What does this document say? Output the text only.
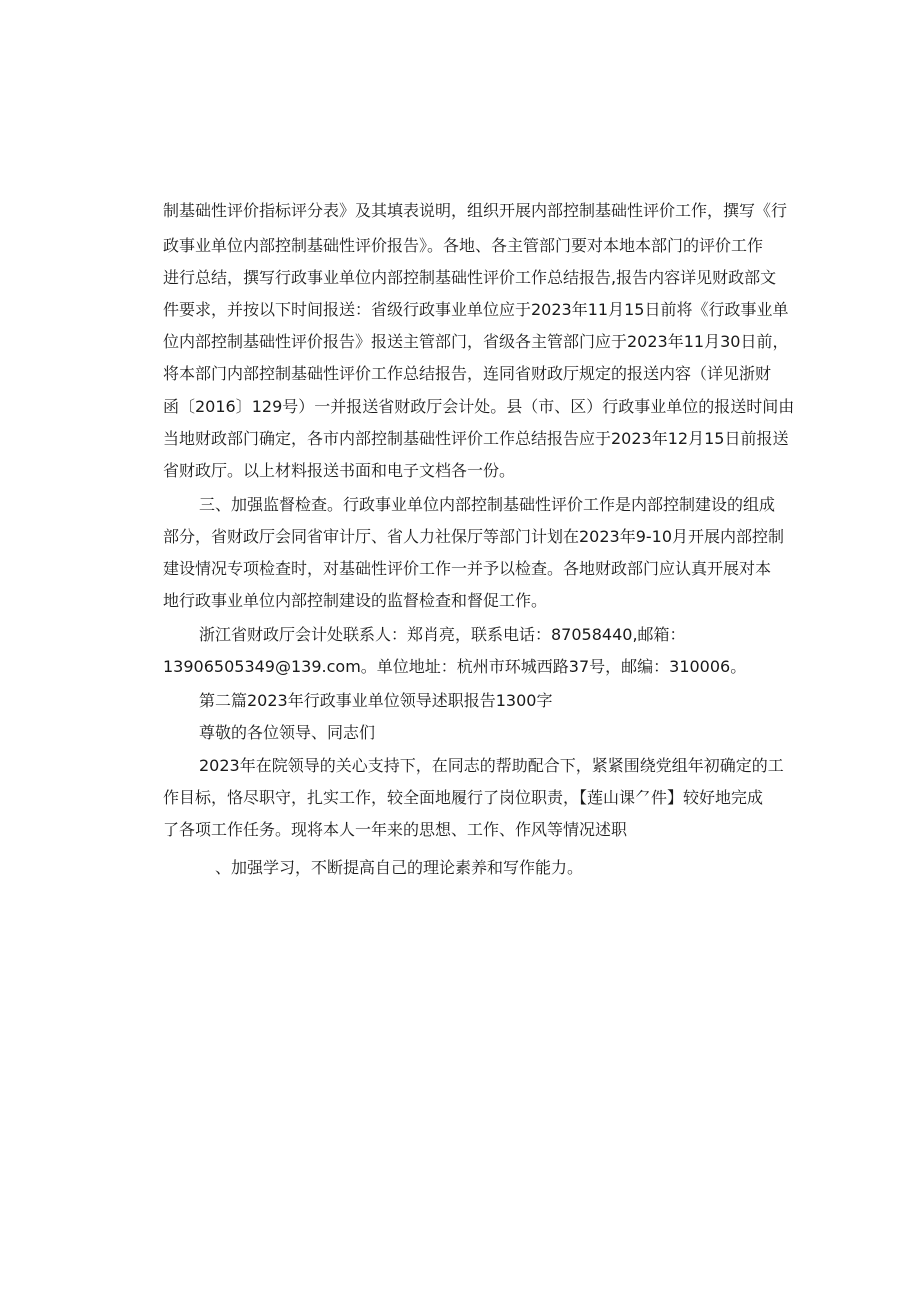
制基础性评价指标评分表》及其填表说明，组织开展内部控制基础性评价工作，撰写《行
政事业单位内部控制基础性评价报告》。各地、各主管部门要对本地本部门的评价工作
进行总结，撰写行政事业单位内部控制基础性评价工作总结报告,报告内容详见财政部文
件要求，并按以下时间报送：省级行政事业单位应于2023年11月15日前将《行政事业单
位内部控制基础性评价报告》报送主管部门，省级各主管部门应于2023年11月30日前，
将本部门内部控制基础性评价工作总结报告，连同省财政厅规定的报送内容（详见浙财
函〔2016〕129号）一并报送省财政厅会计处。县（市、区）行政事业单位的报送时间由
当地财政部门确定，各市内部控制基础性评价工作总结报告应于2023年12月15日前报送
省财政厅。以上材料报送书面和电子文档各一份。
三、加强监督检查。行政事业单位内部控制基础性评价工作是内部控制建设的组成
部分，省财政厅会同省审计厅、省人力社保厅等部门计划在2023年9-10月开展内部控制
建设情况专项检查时，对基础性评价工作一并予以检查。各地财政部门应认真开展对本
地行政事业单位内部控制建设的监督检查和督促工作。
浙江省财政厅会计处联系人：郑肖亮，联系电话：87058440,邮箱：
13906505349@139.com。单位地址：杭州市环城西路37号，邮编：310006。
第二篇2023年行政事业单位领导述职报告1300字
尊敬的各位领导、同志们
2023年在院领导的关心支持下，在同志的帮助配合下，紧紧围绕党组年初确定的工
作目标，恪尽职守，扎实工作，较全面地履行了岗位职责，【莲山课⺈件】较好地完成
了各项工作任务。现将本人一年来的思想、工作、作风等情况述职
、加强学习，不断提高自己的理论素养和写作能力。
